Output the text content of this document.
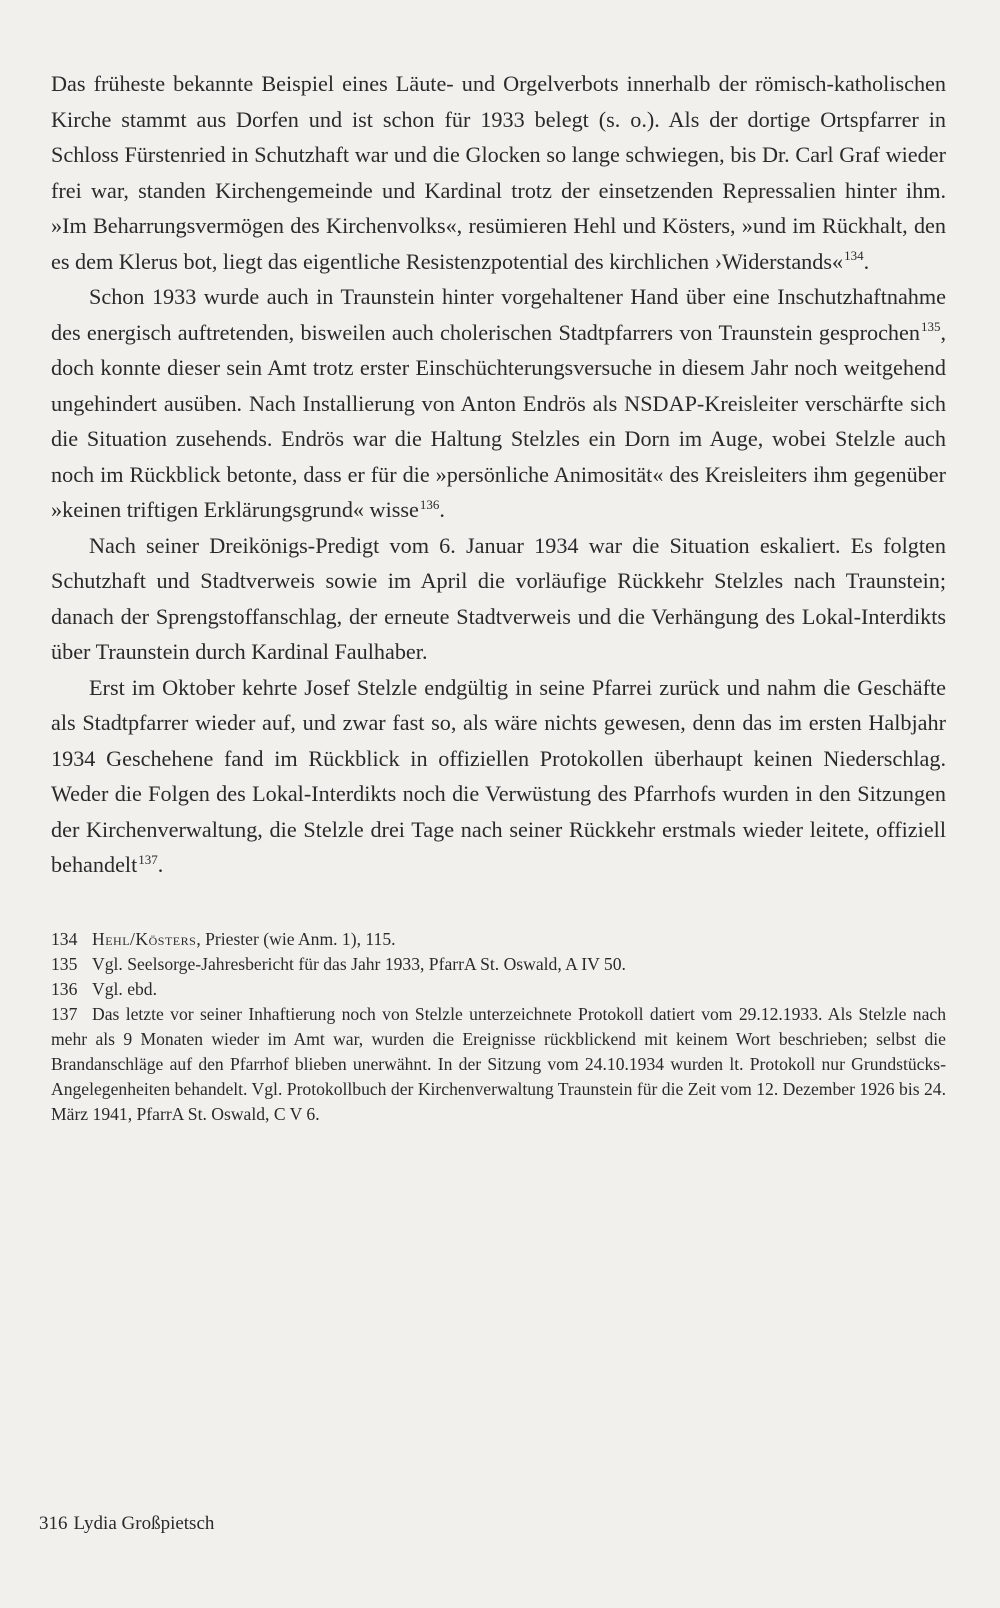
Das früheste bekannte Beispiel eines Läute- und Orgelverbots innerhalb der römisch-katholischen Kirche stammt aus Dorfen und ist schon für 1933 belegt (s. o.). Als der dortige Ortspfarrer in Schloss Fürstenried in Schutzhaft war und die Glocken so lange schwiegen, bis Dr. Carl Graf wieder frei war, standen Kirchengemeinde und Kardinal trotz der einsetzenden Repressalien hinter ihm. »Im Beharrungsvermögen des Kirchenvolks«, resümieren Hehl und Kösters, »und im Rückhalt, den es dem Klerus bot, liegt das eigentliche Resistenzpotential des kirchlichen ›Widerstands«$^{134}$.

Schon 1933 wurde auch in Traunstein hinter vorgehaltener Hand über eine Inschutzhaftnahme des energisch auftretenden, bisweilen auch cholerischen Stadtpfarrers von Traunstein gesprochen$^{135}$, doch konnte dieser sein Amt trotz erster Einschüchterungsversuche in diesem Jahr noch weitgehend ungehindert ausüben. Nach Installierung von Anton Endrös als NSDAP-Kreisleiter verschärfte sich die Situation zusehends. Endrös war die Haltung Stelzles ein Dorn im Auge, wobei Stelzle auch noch im Rückblick betonte, dass er für die »persönliche Animosität« des Kreisleiters ihm gegenüber »keinen triftigen Erklärungsgrund« wisse$^{136}$.

Nach seiner Dreikönigs-Predigt vom 6. Januar 1934 war die Situation eskaliert. Es folgten Schutzhaft und Stadtverweis sowie im April die vorläufige Rückkehr Stelzles nach Traunstein; danach der Sprengstoffanschlag, der erneute Stadtverweis und die Verhängung des Lokal-Interdikts über Traunstein durch Kardinal Faulhaber.

Erst im Oktober kehrte Josef Stelzle endgültig in seine Pfarrei zurück und nahm die Geschäfte als Stadtpfarrer wieder auf, und zwar fast so, als wäre nichts gewesen, denn das im ersten Halbjahr 1934 Geschehene fand im Rückblick in offiziellen Protokollen überhaupt keinen Niederschlag. Weder die Folgen des Lokal-Interdikts noch die Verwüstung des Pfarrhofs wurden in den Sitzungen der Kirchenverwaltung, die Stelzle drei Tage nach seiner Rückkehr erstmals wieder leitete, offiziell behandelt$^{137}$.

134 Hehl/Kösters, Priester (wie Anm. 1), 115.

135 Vgl. Seelsorge-Jahresbericht für das Jahr 1933, PfarrA St. Oswald, A IV 50.

136 Vgl. ebd.

137 Das letzte vor seiner Inhaftierung noch von Stelzle unterzeichnete Protokoll datiert vom 29.12.1933. Als Stelzle nach mehr als 9 Monaten wieder im Amt war, wurden die Ereignisse rückblickend mit keinem Wort beschrieben; selbst die Brandanschläge auf den Pfarrhof blieben unerwähnt. In der Sitzung vom 24.10.1934 wurden lt. Protokoll nur Grundstücks-Angelegenheiten behandelt. Vgl. Protokollbuch der Kirchenverwaltung Traunstein für die Zeit vom 12. Dezember 1926 bis 24. März 1941, PfarrA St. Oswald, C V 6.

316 Lydia Großpietsch
